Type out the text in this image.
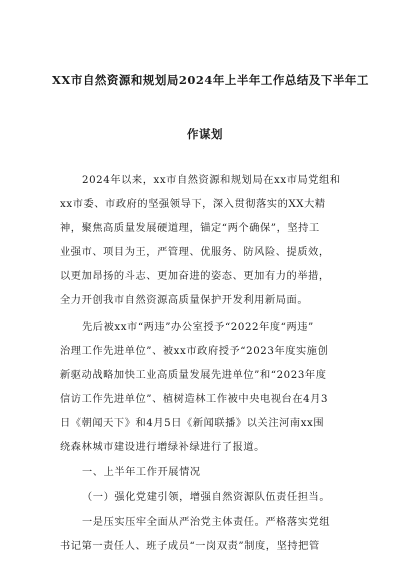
XX市自然资源和规划局2024年上半年工作总结及下半年工
作谋划
2024年以来，xx市自然资源和规划局在xx市局党组和
xx市委、市政府的坚强领导下，深入贯彻落实的XX大精
神，聚焦高质量发展硬道理，锚定“两个确保”，坚持工
业强市、项目为王，严管理、优服务、防风险、提质效，
以更加昂扬的斗志、更加奋进的姿态、更加有力的举措，
全力开创我市自然资源高质量保护开发利用新局面。
先后被xx市“两违”办公室授予“2022年度“两违”
治理工作先进单位”、被xx市政府授予“2023年度实施创
新驱动战略加快工业高质量发展先进单位”和“2023年度
信访工作先进单位”、植树造林工作被中央电视台在4月3
日《朝闻天下》和4月5日《新闻联播》以关注河南xx围
绕森林城市建设进行增绿补绿进行了报道。
一、上半年工作开展情况
（一）强化党建引领，增强自然资源队伍责任担当。
一是压实压牢全面从严治党主体责任。严格落实党组
书记第一责任人、班子成员“一岗双责”制度，坚持把管
